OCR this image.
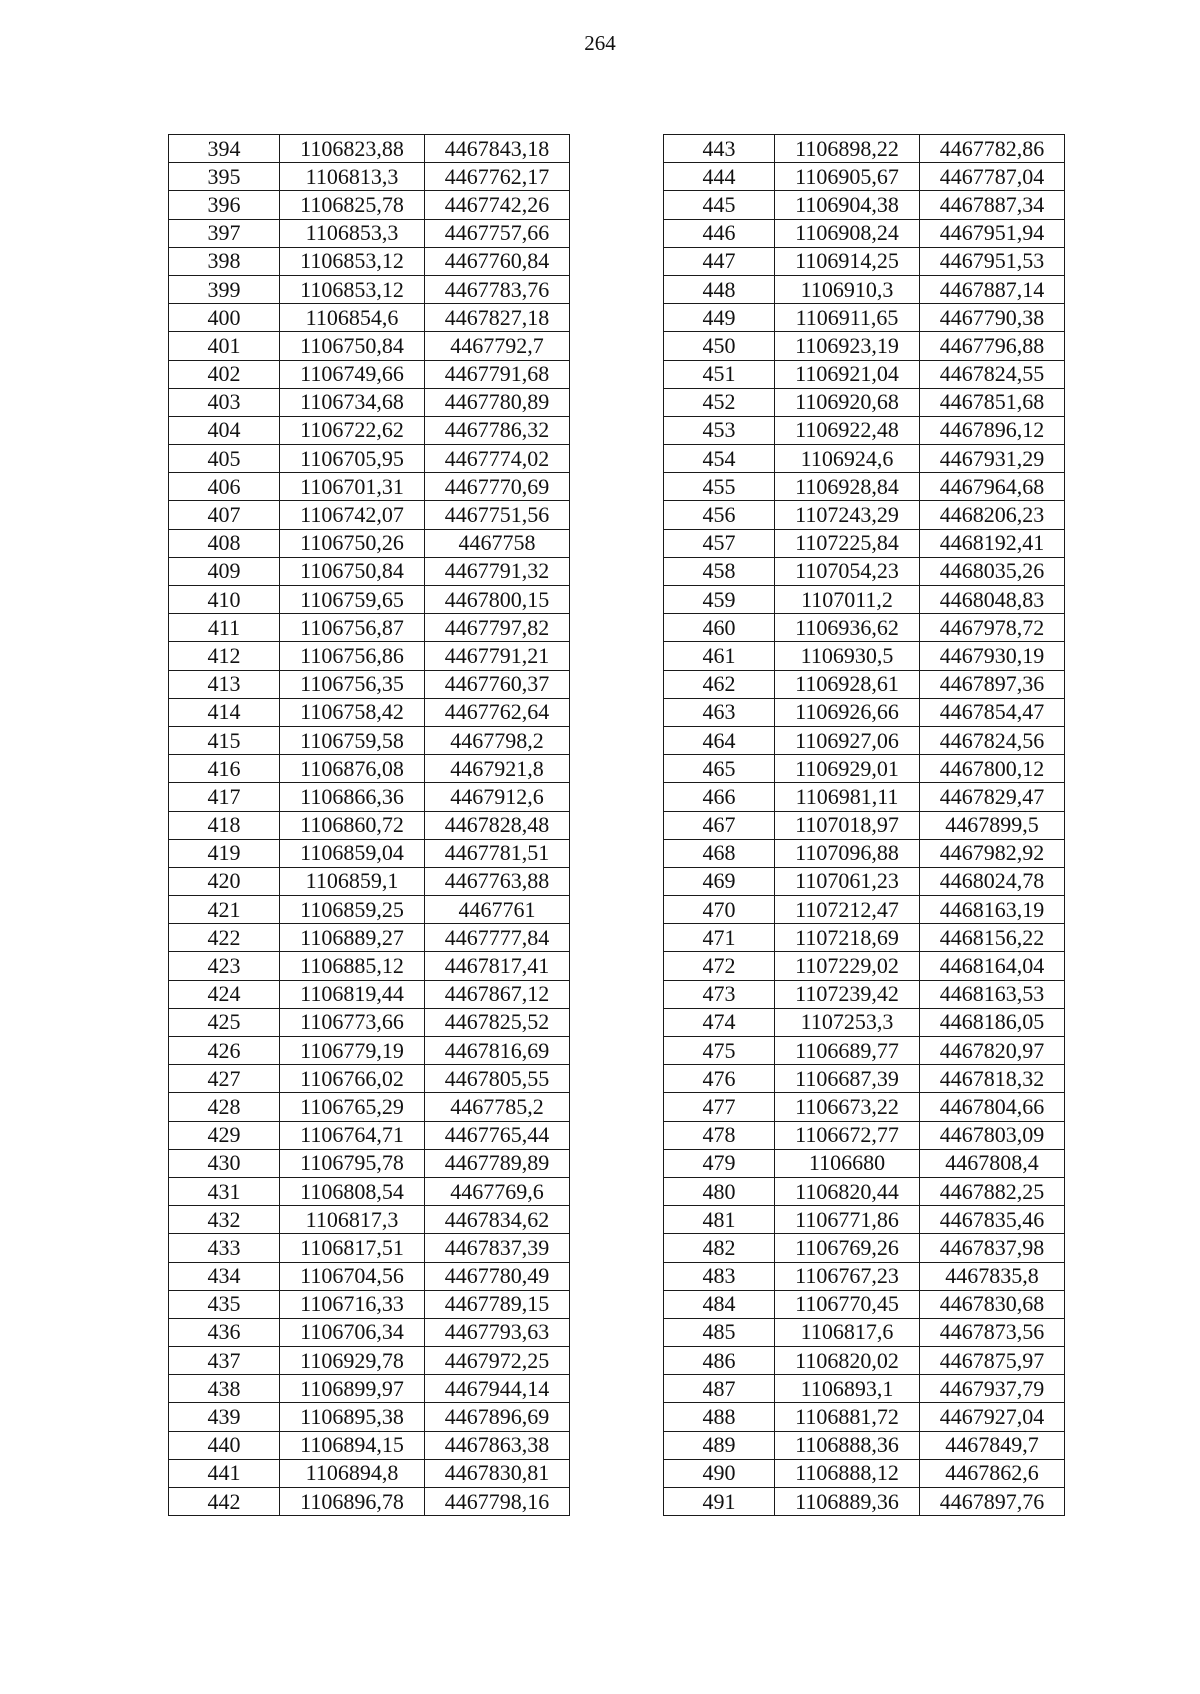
264
394	1106823,88	4467843,18
395	1106813,3	4467762,17
396	1106825,78	4467742,26
397	1106853,3	4467757,66
398	1106853,12	4467760,84
399	1106853,12	4467783,76
400	1106854,6	4467827,18
401	1106750,84	4467792,7
402	1106749,66	4467791,68
403	1106734,68	4467780,89
404	1106722,62	4467786,32
405	1106705,95	4467774,02
406	1106701,31	4467770,69
407	1106742,07	4467751,56
408	1106750,26	4467758
409	1106750,84	4467791,32
410	1106759,65	4467800,15
411	1106756,87	4467797,82
412	1106756,86	4467791,21
413	1106756,35	4467760,37
414	1106758,42	4467762,64
415	1106759,58	4467798,2
416	1106876,08	4467921,8
417	1106866,36	4467912,6
418	1106860,72	4467828,48
419	1106859,04	4467781,51
420	1106859,1	4467763,88
421	1106859,25	4467761
422	1106889,27	4467777,84
423	1106885,12	4467817,41
424	1106819,44	4467867,12
425	1106773,66	4467825,52
426	1106779,19	4467816,69
427	1106766,02	4467805,55
428	1106765,29	4467785,2
429	1106764,71	4467765,44
430	1106795,78	4467789,89
431	1106808,54	4467769,6
432	1106817,3	4467834,62
433	1106817,51	4467837,39
434	1106704,56	4467780,49
435	1106716,33	4467789,15
436	1106706,34	4467793,63
437	1106929,78	4467972,25
438	1106899,97	4467944,14
439	1106895,38	4467896,69
440	1106894,15	4467863,38
441	1106894,8	4467830,81
442	1106896,78	4467798,16
443	1106898,22	4467782,86
444	1106905,67	4467787,04
445	1106904,38	4467887,34
446	1106908,24	4467951,94
447	1106914,25	4467951,53
448	1106910,3	4467887,14
449	1106911,65	4467790,38
450	1106923,19	4467796,88
451	1106921,04	4467824,55
452	1106920,68	4467851,68
453	1106922,48	4467896,12
454	1106924,6	4467931,29
455	1106928,84	4467964,68
456	1107243,29	4468206,23
457	1107225,84	4468192,41
458	1107054,23	4468035,26
459	1107011,2	4468048,83
460	1106936,62	4467978,72
461	1106930,5	4467930,19
462	1106928,61	4467897,36
463	1106926,66	4467854,47
464	1106927,06	4467824,56
465	1106929,01	4467800,12
466	1106981,11	4467829,47
467	1107018,97	4467899,5
468	1107096,88	4467982,92
469	1107061,23	4468024,78
470	1107212,47	4468163,19
471	1107218,69	4468156,22
472	1107229,02	4468164,04
473	1107239,42	4468163,53
474	1107253,3	4468186,05
475	1106689,77	4467820,97
476	1106687,39	4467818,32
477	1106673,22	4467804,66
478	1106672,77	4467803,09
479	1106680	4467808,4
480	1106820,44	4467882,25
481	1106771,86	4467835,46
482	1106769,26	4467837,98
483	1106767,23	4467835,8
484	1106770,45	4467830,68
485	1106817,6	4467873,56
486	1106820,02	4467875,97
487	1106893,1	4467937,79
488	1106881,72	4467927,04
489	1106888,36	4467849,7
490	1106888,12	4467862,6
491	1106889,36	4467897,76
